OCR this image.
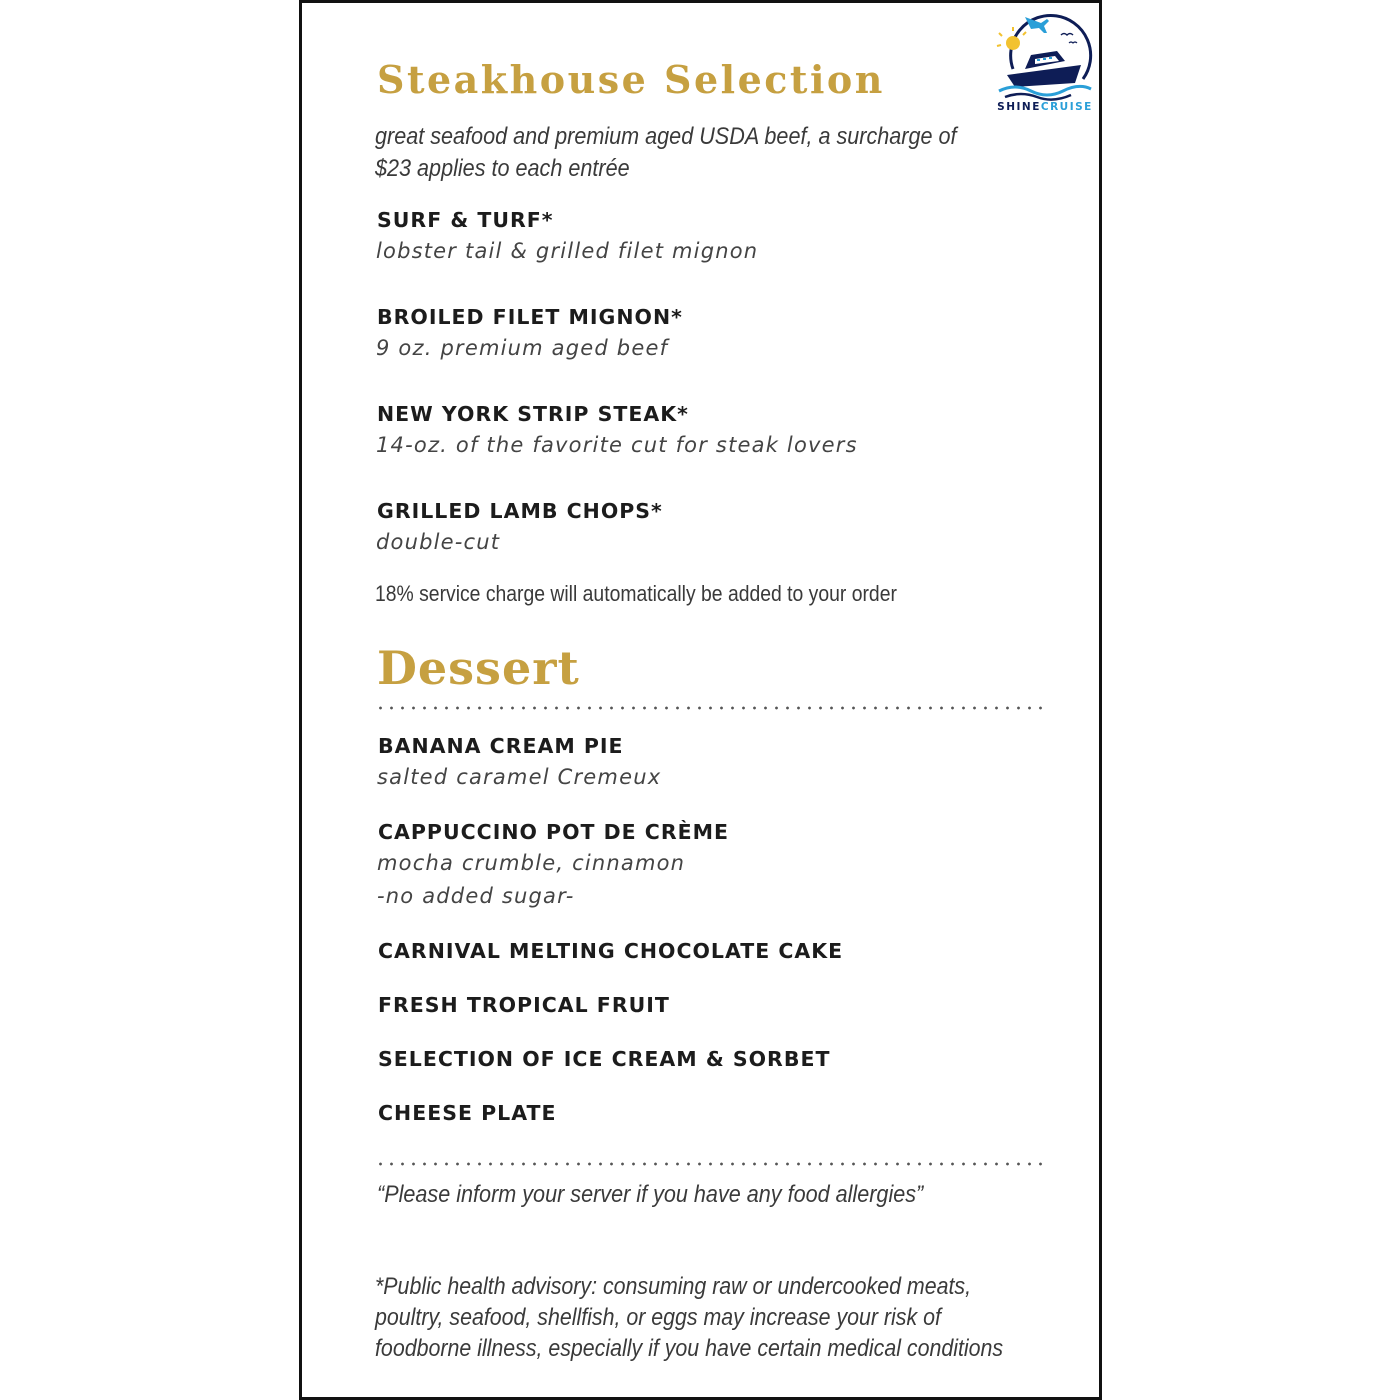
SHINECRUISE
Steakhouse Selection
great seafood and premium aged USDA beef, a surcharge of $23 applies to each entrée
SURF & TURF*
lobster tail & grilled filet mignon
BROILED FILET MIGNON*
9 oz. premium aged beef
NEW YORK STRIP STEAK*
14-oz. of the favorite cut for steak lovers
GRILLED LAMB CHOPS*
double-cut
18% service charge will automatically be added to your order
Dessert
BANANA CREAM PIE
salted caramel Cremeux
CAPPUCCINO POT DE CRÈME
mocha crumble, cinnamon
-no added sugar-
CARNIVAL MELTING CHOCOLATE CAKE
FRESH TROPICAL FRUIT
SELECTION OF ICE CREAM & SORBET
CHEESE PLATE
“Please inform your server if you have any food allergies”
*Public health advisory: consuming raw or undercooked meats, poultry, seafood, shellfish, or eggs may increase your risk of foodborne illness, especially if you have certain medical conditions
